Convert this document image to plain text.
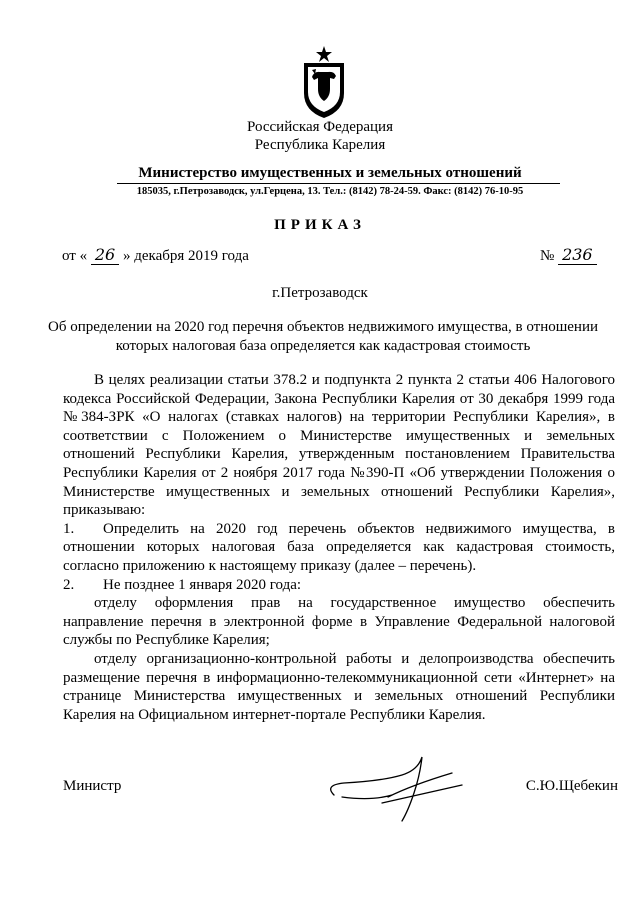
Российская Федерация
Республика Карелия
Министерство имущественных и земельных отношений
185035, г.Петрозаводск, ул.Герцена, 13. Тел.: (8142) 78-24-59. Факс: (8142) 76-10-95
ПРИКАЗ
от « 26 » декабря 2019 года	№ 236
г.Петрозаводск
Об определении на 2020 год перечня объектов недвижимого имущества, в отношении которых налоговая база определяется как кадастровая стоимость

В целях реализации статьи 378.2 и подпункта 2 пункта 2 статьи 406 Налогового кодекса Российской Федерации, Закона Республики Карелия от 30 декабря 1999 года №384-ЗРК «О налогах (ставках налогов) на территории Республики Карелия», в соответствии с Положением о Министерстве имущественных и земельных отношений Республики Карелия, утвержденным постановлением Правительства Республики Карелия от 2 ноября 2017 года №390-П «Об утверждении Положения о Министерстве имущественных и земельных отношений Республики Карелия», приказываю:

1. Определить на 2020 год перечень объектов недвижимого имущества, в отношении которых налоговая база определяется как кадастровая стоимость, согласно приложению к настоящему приказу (далее – перечень).

2. Не позднее 1 января 2020 года:

отделу оформления прав на государственное имущество обеспечить направление перечня в электронной форме в Управление Федеральной налоговой службы по Республике Карелия;

отделу организационно-контрольной работы и делопроизводства обеспечить размещение перечня в информационно-телекоммуникационной сети «Интернет» на странице Министерства имущественных и земельных отношений Республики Карелия на Официальном интернет-портале Республики Карелия.

Министр	С.Ю.Щебекин
